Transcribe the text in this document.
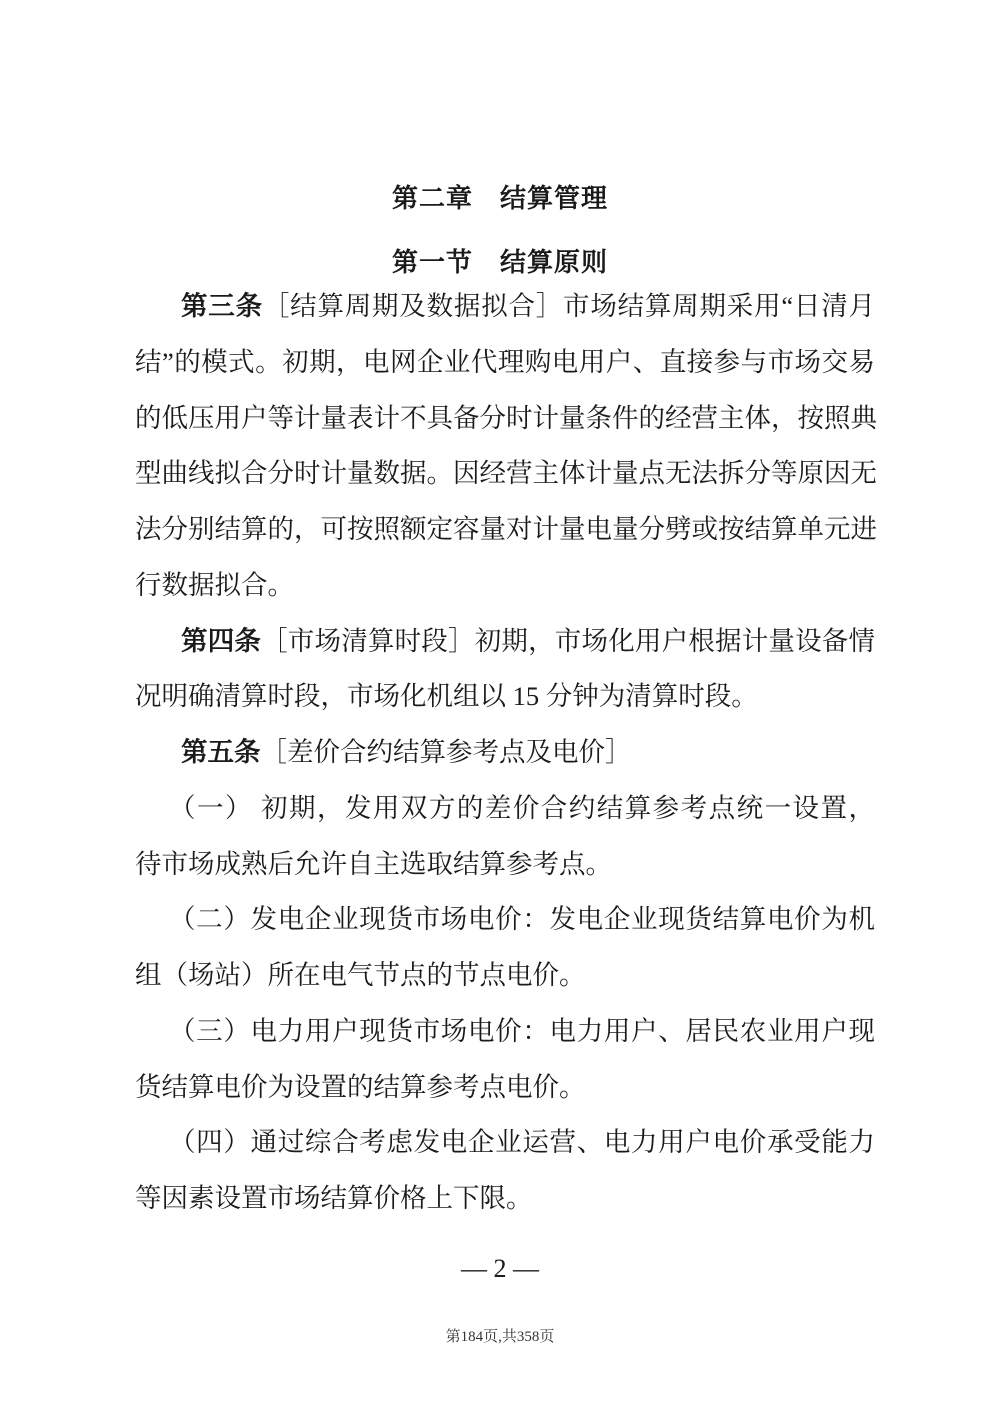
第二章　结算管理
第一节　结算原则
第三条［结算周期及数据拟合］市场结算周期采用“日清月
结”的模式。初期，电网企业代理购电用户、直接参与市场交易
的低压用户等计量表计不具备分时计量条件的经营主体，按照典
型曲线拟合分时计量数据。因经营主体计量点无法拆分等原因无
法分别结算的，可按照额定容量对计量电量分劈或按结算单元进
行数据拟合。
第四条［市场清算时段］初期，市场化用户根据计量设备情
况明确清算时段，市场化机组以 15 分钟为清算时段。
第五条［差价合约结算参考点及电价］
（一） 初期，发用双方的差价合约结算参考点统一设置，
待市场成熟后允许自主选取结算参考点。
（二）发电企业现货市场电价：发电企业现货结算电价为机
组（场站）所在电气节点的节点电价。
（三）电力用户现货市场电价：电力用户、居民农业用户现
货结算电价为设置的结算参考点电价。
（四）通过综合考虑发电企业运营、电力用户电价承受能力
等因素设置市场结算价格上下限。
— 2 —
第184页,共358页
